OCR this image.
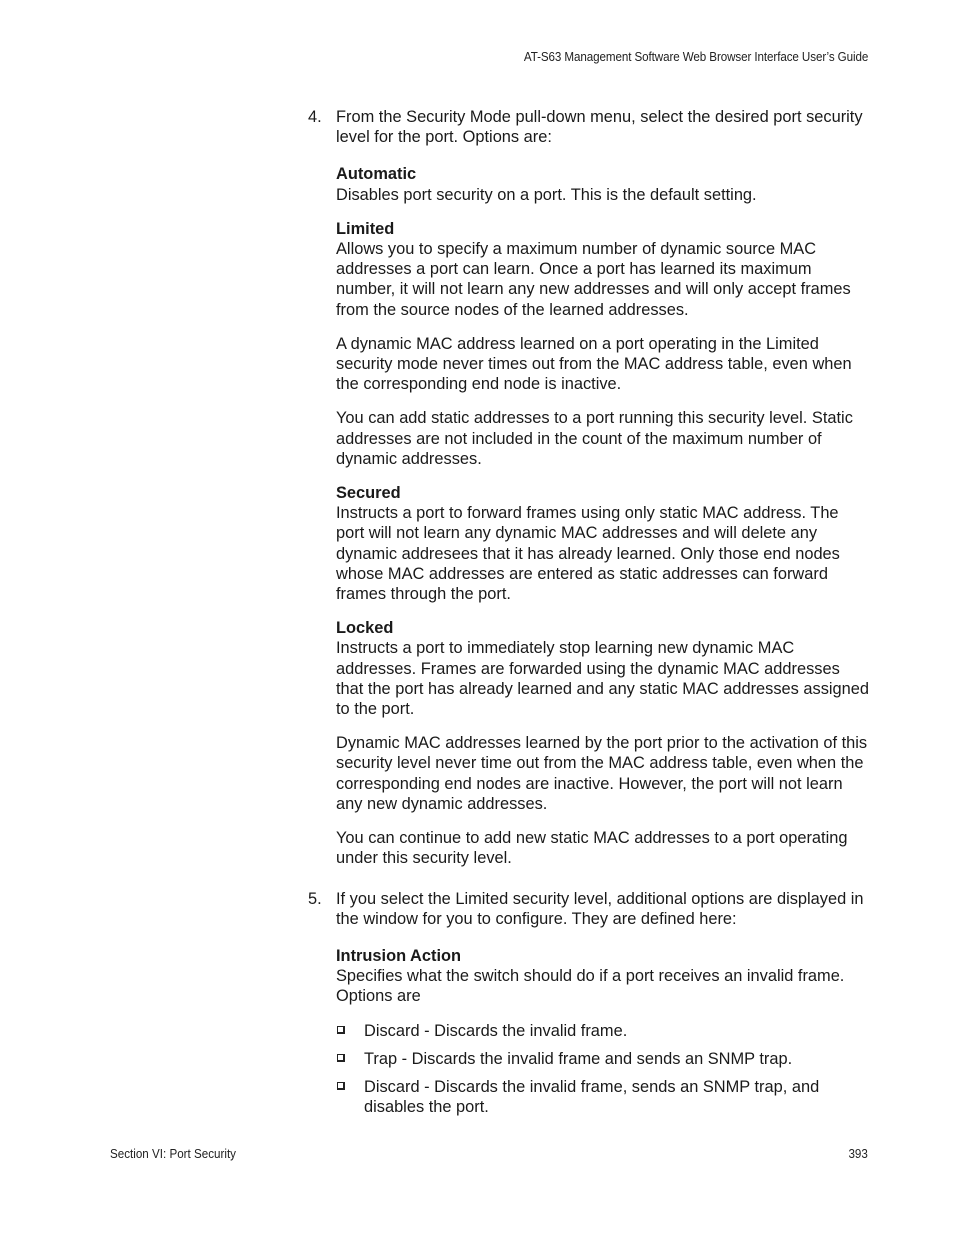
AT-S63 Management Software Web Browser Interface User’s Guide
4. From the Security Mode pull-down menu, select the desired port security level for the port. Options are:

Automatic

Disables port security on a port. This is the default setting.

Limited

Allows you to specify a maximum number of dynamic source MAC addresses a port can learn. Once a port has learned its maximum number, it will not learn any new addresses and will only accept frames from the source nodes of the learned addresses.

A dynamic MAC address learned on a port operating in the Limited security mode never times out from the MAC address table, even when the corresponding end node is inactive.

You can add static addresses to a port running this security level. Static addresses are not included in the count of the maximum number of dynamic addresses.

Secured

Instructs a port to forward frames using only static MAC address. The port will not learn any dynamic MAC addresses and will delete any dynamic addresees that it has already learned. Only those end nodes whose MAC addresses are entered as static addresses can forward frames through the port.

Locked

Instructs a port to immediately stop learning new dynamic MAC addresses. Frames are forwarded using the dynamic MAC addresses that the port has already learned and any static MAC addresses assigned to the port.

Dynamic MAC addresses learned by the port prior to the activation of this security level never time out from the MAC address table, even when the corresponding end nodes are inactive. However, the port will not learn any new dynamic addresses.

You can continue to add new static MAC addresses to a port operating under this security level.

5. If you select the Limited security level, additional options are displayed in the window for you to configure. They are defined here:

Intrusion Action

Specifies what the switch should do if a port receives an invalid frame. Options are

Discard - Discards the invalid frame.
Trap - Discards the invalid frame and sends an SNMP trap.
Discard - Discards the invalid frame, sends an SNMP trap, and disables the port.
Section VI: Port Security	393
